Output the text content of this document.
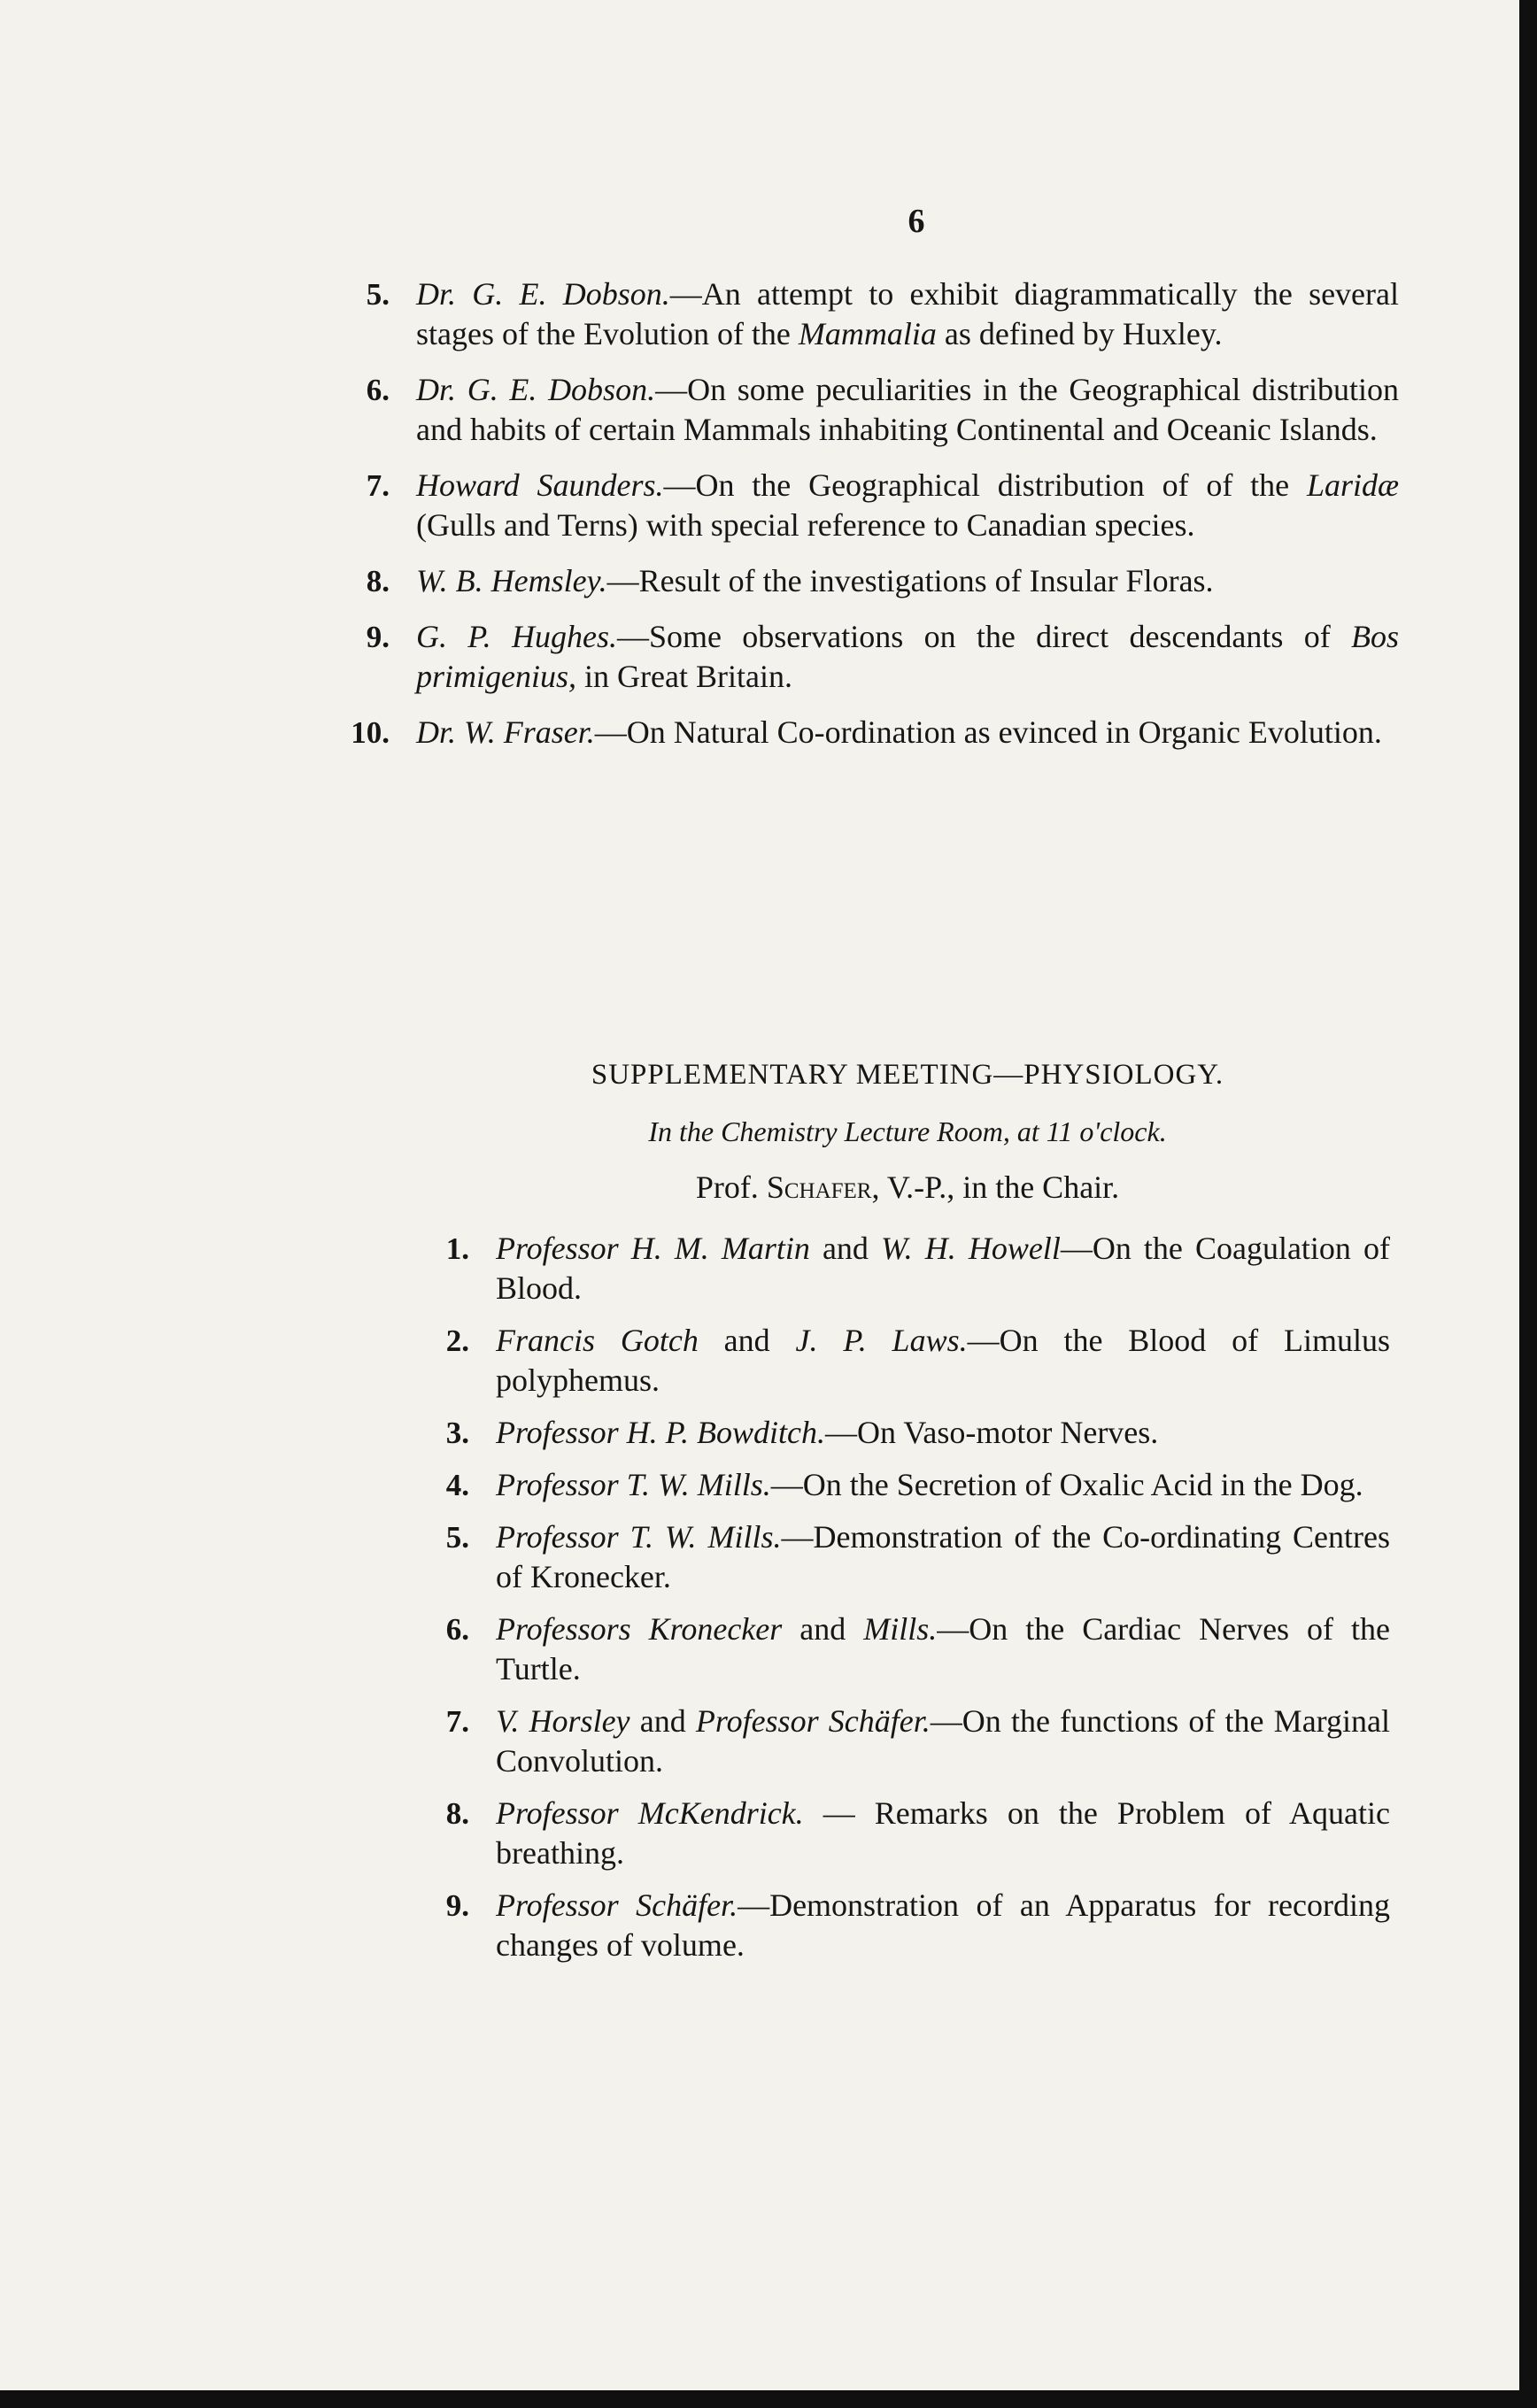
6
5. Dr. G. E. Dobson.—An attempt to exhibit diagrammatically the several stages of the Evolution of the Mammalia as defined by Huxley.
6. Dr. G. E. Dobson.—On some peculiarities in the Geographical distribution and habits of certain Mammals inhabiting Continental and Oceanic Islands.
7. Howard Saunders.—On the Geographical distribution of of the Laridæ (Gulls and Terns) with special reference to Canadian species.
8. W. B. Hemsley.—Result of the investigations of Insular Floras.
9. G. P. Hughes.—Some observations on the direct descendants of Bos primigenius, in Great Britain.
10. Dr. W. Fraser.—On Natural Co-ordination as evinced in Organic Evolution.
SUPPLEMENTARY MEETING—PHYSIOLOGY.
In the Chemistry Lecture Room, at 11 o'clock.
Prof. Schafer, V.-P., in the Chair.
1. Professor H. M. Martin and W. H. Howell—On the Coagulation of Blood.
2. Francis Gotch and J. P. Laws.—On the Blood of Limulus polyphemus.
3. Professor H. P. Bowditch.—On Vaso-motor Nerves.
4. Professor T. W. Mills.—On the Secretion of Oxalic Acid in the Dog.
5. Professor T. W. Mills.—Demonstration of the Co-ordinating Centres of Kronecker.
6. Professors Kronecker and Mills.—On the Cardiac Nerves of the Turtle.
7. V. Horsley and Professor Schäfer.—On the functions of the Marginal Convolution.
8. Professor McKendrick. — Remarks on the Problem of Aquatic breathing.
9. Professor Schäfer.—Demonstration of an Apparatus for recording changes of volume.
